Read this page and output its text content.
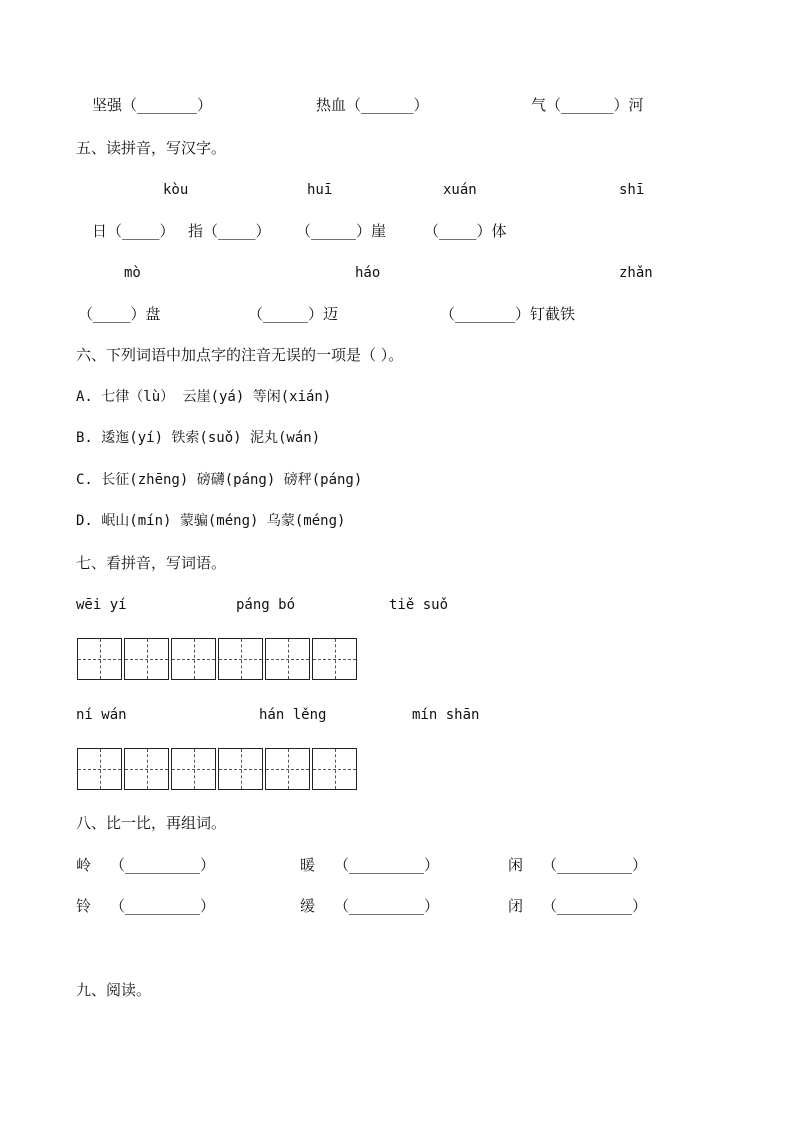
坚强（________）	热血（_______）	气（_______）河
五、读拼音，写汉字。
kòu	huī	xuán	shī
日（_____） 指（_____） （______）崖	（_____）体
mò	háo	zhǎn
（_____）盘	（______）迈	（________）钉截铁
六、下列词语中加点字的注音无误的一项是（ ）。
A. 七律（lù） 云崖(yá) 等闲(xián)
B. 逶迤(yí) 铁索(suǒ) 泥丸(wán)
C. 长征(zhēng) 磅礴(páng) 磅秤(páng)
D. 岷山(mín) 蒙骗(méng) 乌蒙(méng)
七、看拼音，写词语。
wēi yí	páng bó	tiě suǒ
ní wán	hán lěng	mín shān
八、比一比，再组词。
岭 （__________）	暖 （__________）	闲 （__________）
铃 （__________）	缓 （__________）	闭 （__________）
九、阅读。
